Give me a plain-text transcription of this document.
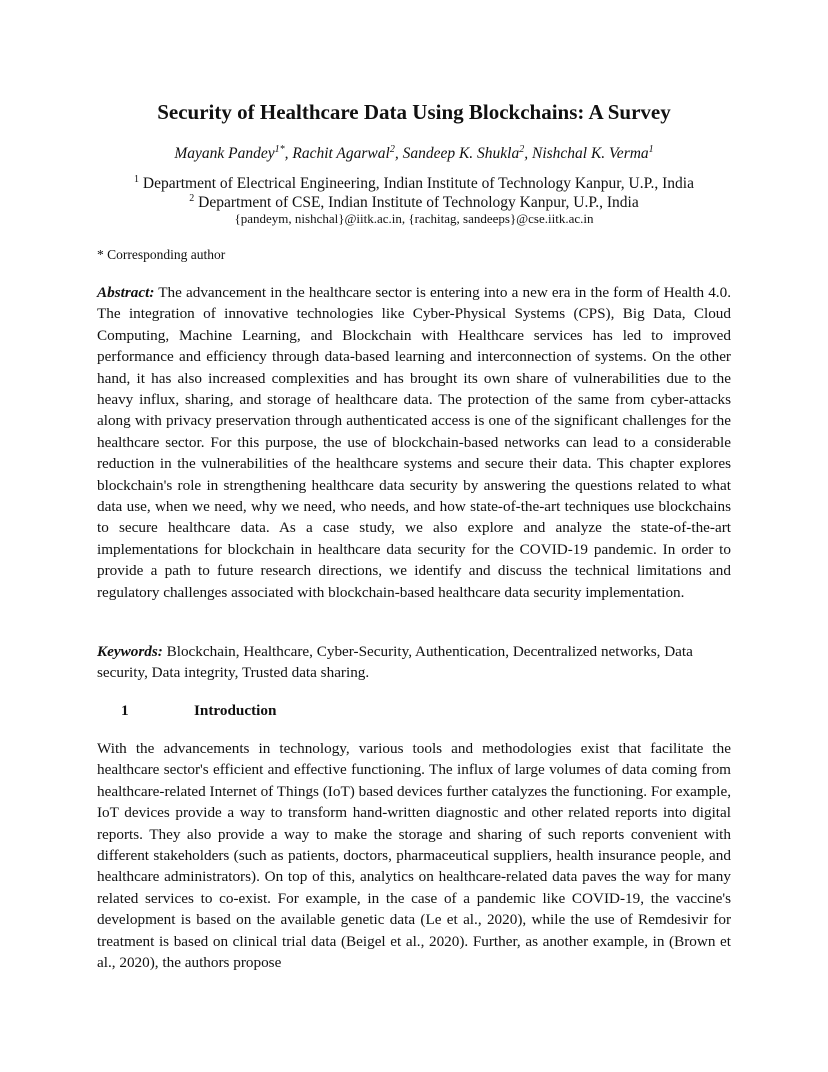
Security of Healthcare Data Using Blockchains: A Survey
Mayank Pandey$^{1*}$, Rachit Agarwal$^2$, Sandeep K. Shukla$^2$, Nishchal K. Verma$^1$
$^1$ Department of Electrical Engineering, Indian Institute of Technology Kanpur, U.P., India
$^2$ Department of CSE, Indian Institute of Technology Kanpur, U.P., India
{pandeym, nishchal}@iitk.ac.in, {rachitag, sandeeps}@cse.iitk.ac.in
* Corresponding author
Abstract: The advancement in the healthcare sector is entering into a new era in the form of Health 4.0. The integration of innovative technologies like Cyber-Physical Systems (CPS), Big Data, Cloud Computing, Machine Learning, and Blockchain with Healthcare services has led to improved performance and efficiency through data-based learning and interconnection of systems. On the other hand, it has also increased complexities and has brought its own share of vulnerabilities due to the heavy influx, sharing, and storage of healthcare data. The protection of the same from cyber-attacks along with privacy preservation through authenticated access is one of the significant challenges for the healthcare sector. For this purpose, the use of blockchain-based networks can lead to a considerable reduction in the vulnerabilities of the healthcare systems and secure their data. This chapter explores blockchain's role in strengthening healthcare data security by answering the questions related to what data use, when we need, why we need, who needs, and how state-of-the-art techniques use blockchains to secure healthcare data. As a case study, we also explore and analyze the state-of-the-art implementations for blockchain in healthcare data security for the COVID-19 pandemic. In order to provide a path to future research directions, we identify and discuss the technical limitations and regulatory challenges associated with blockchain-based healthcare data security implementation.
Keywords: Blockchain, Healthcare, Cyber-Security, Authentication, Decentralized networks, Data security, Data integrity, Trusted data sharing.
1	Introduction
With the advancements in technology, various tools and methodologies exist that facilitate the healthcare sector's efficient and effective functioning. The influx of large volumes of data coming from healthcare-related Internet of Things (IoT) based devices further catalyzes the functioning. For example, IoT devices provide a way to transform hand-written diagnostic and other related reports into digital reports. They also provide a way to make the storage and sharing of such reports convenient with different stakeholders (such as patients, doctors, pharmaceutical suppliers, health insurance people, and healthcare administrators). On top of this, analytics on healthcare-related data paves the way for many related services to co-exist. For example, in the case of a pandemic like COVID-19, the vaccine's development is based on the available genetic data (Le et al., 2020), while the use of Remdesivir for treatment is based on clinical trial data (Beigel et al., 2020). Further, as another example, in (Brown et al., 2020), the authors propose
